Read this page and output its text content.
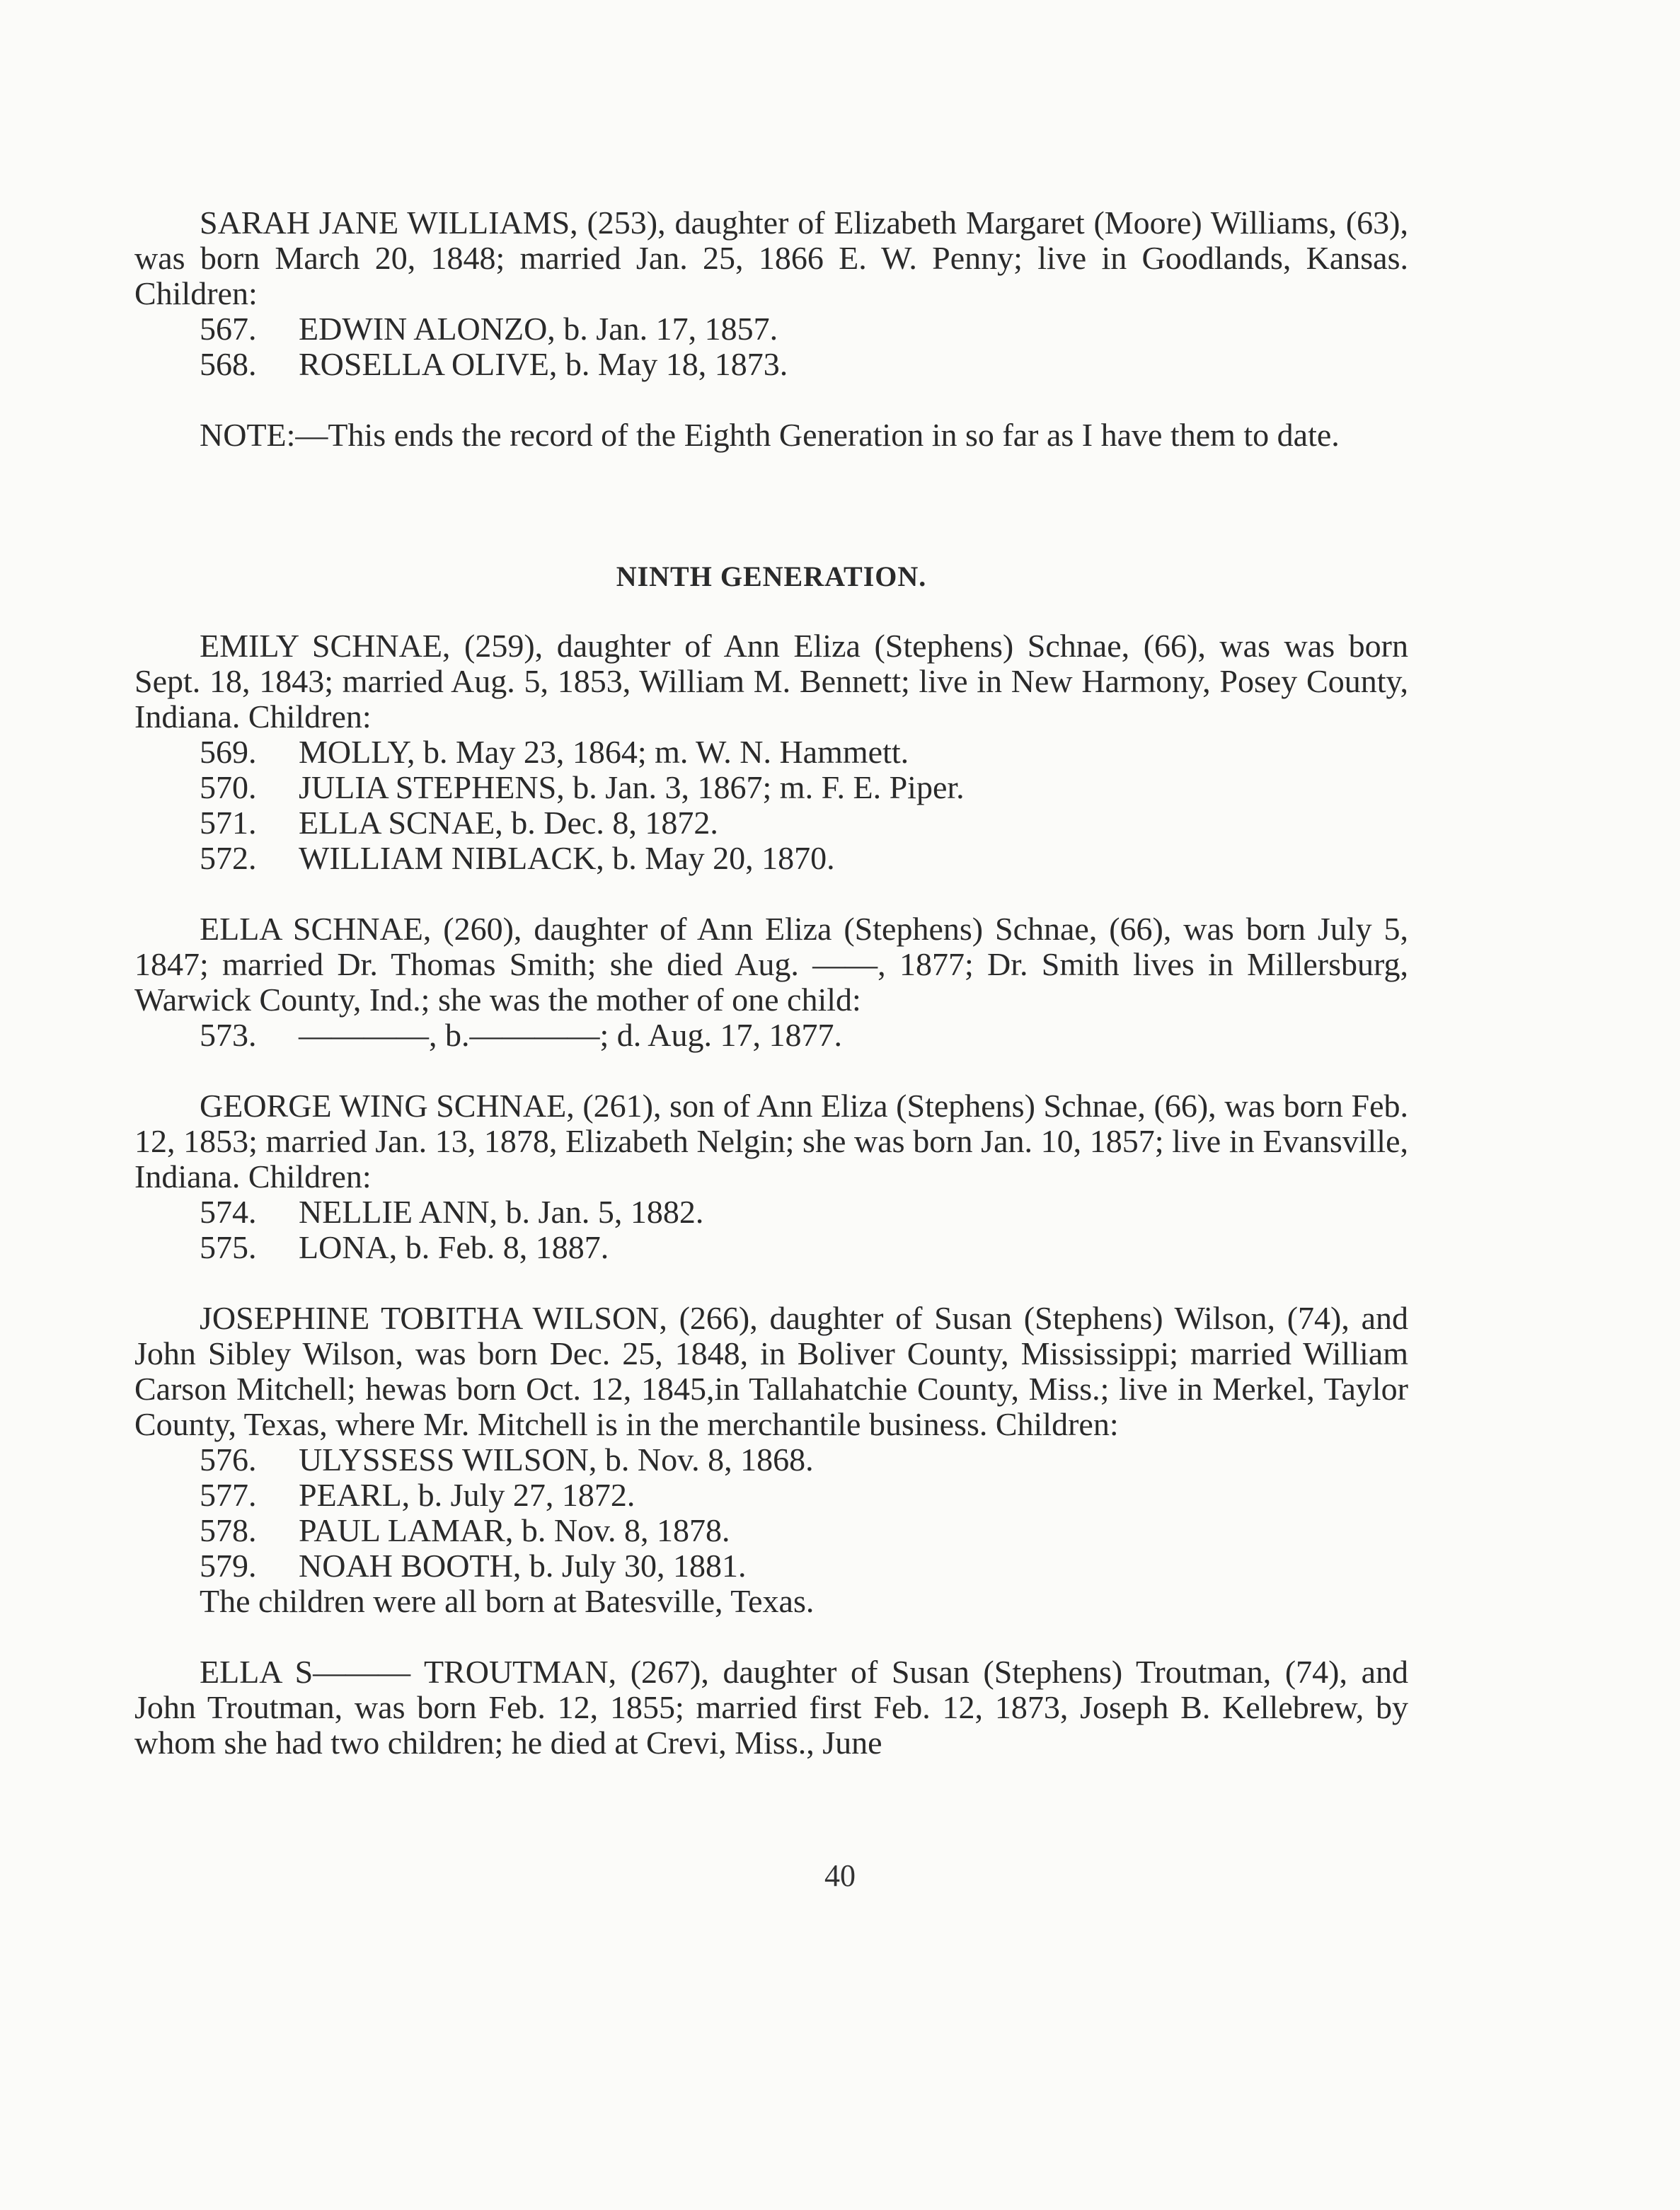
SARAH JANE WILLIAMS, (253), daughter of Elizabeth Margaret (Moore) Williams, (63), was born March 20, 1848; married Jan. 25, 1866 E. W. Penny; live in Goodlands, Kansas. Children:

567. EDWIN ALONZO, b. Jan. 17, 1857.
568. ROSELLA OLIVE, b. May 18, 1873.

NOTE:—This ends the record of the Eighth Generation in so far as I have them to date.

NINTH GENERATION.

EMILY SCHNAE, (259), daughter of Ann Eliza (Stephens) Schnae, (66), was was born Sept. 18, 1843; married Aug. 5, 1853, William M. Bennett; live in New Harmony, Posey County, Indiana. Children:

569. MOLLY, b. May 23, 1864; m. W. N. Hammett.
570. JULIA STEPHENS, b. Jan. 3, 1867; m. F. E. Piper.
571. ELLA SCNAE, b. Dec. 8, 1872.
572. WILLIAM NIBLACK, b. May 20, 1870.

ELLA SCHNAE, (260), daughter of Ann Eliza (Stephens) Schnae, (66), was born July 5, 1847; married Dr. Thomas Smith; she died Aug. ——, 1877; Dr. Smith lives in Millersburg, Warwick County, Ind.; she was the mother of one child:

573. ————, b.————; d. Aug. 17, 1877.

GEORGE WING SCHNAE, (261), son of Ann Eliza (Stephens) Schnae, (66), was born Feb. 12, 1853; married Jan. 13, 1878, Elizabeth Nelgin; she was born Jan. 10, 1857; live in Evansville, Indiana. Children:

574. NELLIE ANN, b. Jan. 5, 1882.
575. LONA, b. Feb. 8, 1887.

JOSEPHINE TOBITHA WILSON, (266), daughter of Susan (Stephens) Wilson, (74), and John Sibley Wilson, was born Dec. 25, 1848, in Boliver County, Mississippi; married William Carson Mitchell; hewas born Oct. 12, 1845,in Tallahatchie County, Miss.; live in Merkel, Taylor County, Texas, where Mr. Mitchell is in the merchantile business. Children:

576. ULYSSESS WILSON, b. Nov. 8, 1868.
577. PEARL, b. July 27, 1872.
578. PAUL LAMAR, b. Nov. 8, 1878.
579. NOAH BOOTH, b. July 30, 1881.
The children were all born at Batesville, Texas.

ELLA S——— TROUTMAN, (267), daughter of Susan (Stephens) Troutman, (74), and John Troutman, was born Feb. 12, 1855; married first Feb. 12, 1873, Joseph B. Kellebrew, by whom she had two children; he died at Crevi, Miss., June

40
